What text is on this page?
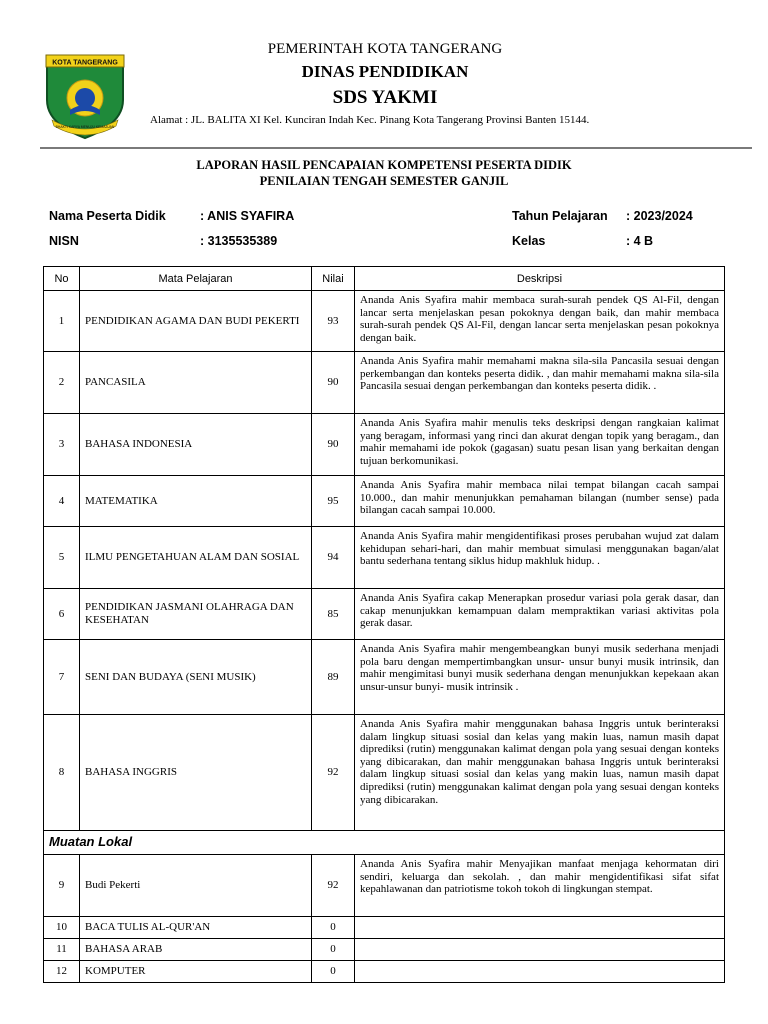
KOTA TANGERANG
BHAKTI KARYA MENUJU KEMAJUAN
PEMERINTAH KOTA TANGERANG
DINAS PENDIDIKAN
SDS YAKMI
Alamat : JL. BALITA XI Kel. Kunciran Indah Kec. Pinang Kota Tangerang Provinsi Banten 15144.
LAPORAN HASIL PENCAPAIAN KOMPETENSI PESERTA DIDIK
PENILAIAN TENGAH SEMESTER GANJIL
Nama Peserta Didik	: ANIS SYAFIRA
NISN	: 3135535389
Tahun Pelajaran : 2023/2024
Kelas	: 4 B
No	Mata Pelajaran	Nilai	Deskripsi
1	PENDIDIKAN AGAMA DAN BUDI PEKERTI	93	Ananda Anis Syafira mahir membaca surah-surah pendek QS Al-Fil, dengan lancar serta menjelaskan pesan pokoknya dengan baik, dan mahir membaca surah-surah pendek QS Al-Fil, dengan lancar serta menjelaskan pesan pokoknya dengan baik.
2	PANCASILA	90	Ananda Anis Syafira mahir memahami makna sila-sila Pancasila sesuai dengan perkembangan dan konteks peserta didik. , dan mahir memahami makna sila-sila Pancasila sesuai dengan perkembangan dan konteks peserta didik. .
3	BAHASA INDONESIA	90	Ananda Anis Syafira mahir menulis teks deskripsi dengan rangkaian kalimat yang beragam, informasi yang rinci dan akurat dengan topik yang beragam., dan mahir memahami ide pokok (gagasan) suatu pesan lisan yang berkaitan dengan tujuan berkomunikasi.
4	MATEMATIKA	95	Ananda Anis Syafira mahir membaca nilai tempat bilangan cacah sampai 10.000., dan mahir menunjukkan pemahaman bilangan (number sense) pada bilangan cacah sampai 10.000.
5	ILMU PENGETAHUAN ALAM DAN SOSIAL	94	Ananda Anis Syafira mahir mengidentifikasi proses perubahan wujud zat dalam kehidupan sehari-hari, dan mahir membuat simulasi menggunakan bagan/alat bantu sederhana tentang siklus hidup makhluk hidup. .
6	PENDIDIKAN JASMANI OLAHRAGA DAN KESEHATAN	85	Ananda Anis Syafira cakap Menerapkan prosedur variasi pola gerak dasar, dan cakap menunjukkan kemampuan dalam mempraktikan variasi aktivitas pola gerak dasar.
7	SENI DAN BUDAYA (SENI MUSIK)	89	Ananda Anis Syafira mahir mengembeangkan bunyi musik sederhana menjadi pola baru dengan mempertimbangkan unsur- unsur bunyi musik intrinsik, dan mahir mengimitasi bunyi musik sederhana dengan menunjukkan kepekaan akan unsur-unsur bunyi- musik intrinsik .
8	BAHASA INGGRIS	92	Ananda Anis Syafira mahir menggunakan bahasa Inggris untuk berinteraksi dalam lingkup situasi sosial dan kelas yang makin luas, namun masih dapat diprediksi (rutin) menggunakan kalimat dengan pola yang sesuai dengan konteks yang dibicarakan, dan mahir menggunakan bahasa Inggris untuk berinteraksi dalam lingkup situasi sosial dan kelas yang makin luas, namun masih dapat diprediksi (rutin) menggunakan kalimat dengan pola yang sesuai dengan konteks yang dibicarakan.
Muatan Lokal			
9	Budi Pekerti	92	Ananda Anis Syafira mahir Menyajikan manfaat menjaga kehormatan diri sendiri, keluarga dan sekolah. , dan mahir mengidentifikasi sifat sifat kepahlawanan dan patriotisme tokoh tokoh di lingkungan stempat.
10	BACA TULIS AL-QUR'AN	0	
11	BAHASA ARAB	0	
12	KOMPUTER	0	
